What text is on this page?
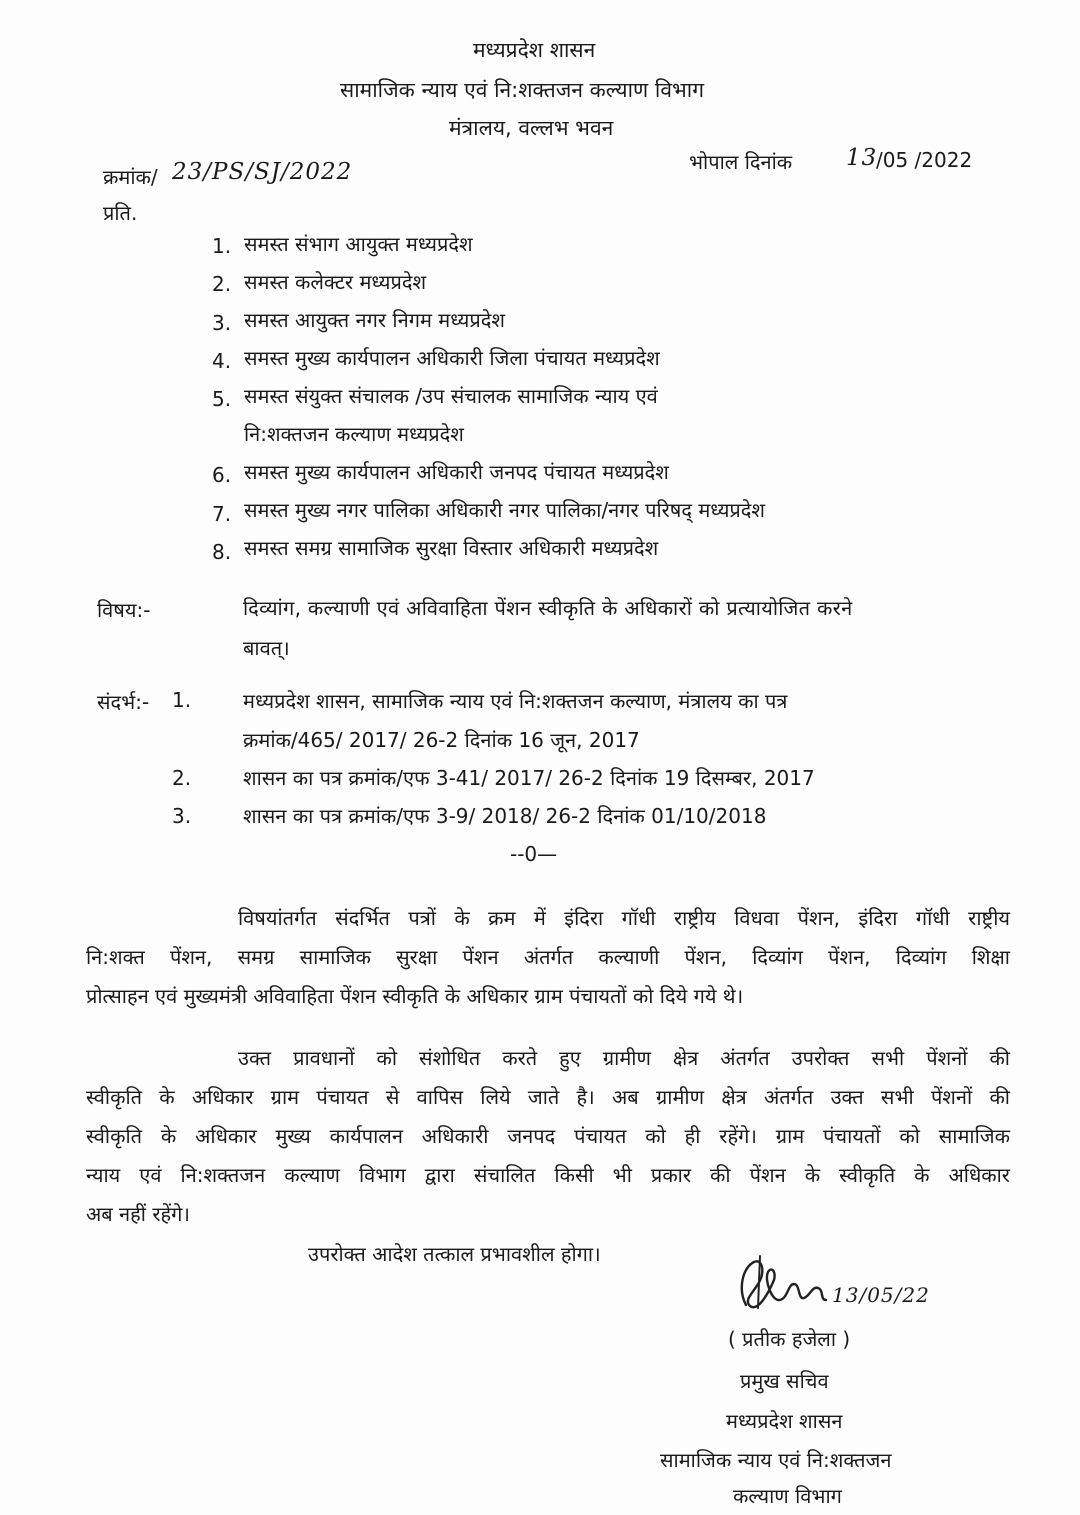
मध्यप्रदेश शासन
सामाजिक न्याय एवं नि:शक्तजन कल्याण विभाग
मंत्रालय, वल्लभ भवन
क्रमांक/ 23/PS/SJ/2022	भोपाल दिनांक 13
/05 /2022
प्रति.
1. समस्त संभाग आयुक्त मध्यप्रदेश
2. समस्त कलेक्टर मध्यप्रदेश
3. समस्त आयुक्त नगर निगम मध्यप्रदेश
4. समस्त मुख्य कार्यपालन अधिकारी जिला पंचायत मध्यप्रदेश
5. समस्त संयुक्त संचालक /उप संचालक सामाजिक न्याय एवं
नि:शक्तजन कल्याण मध्यप्रदेश
6. समस्त मुख्य कार्यपालन अधिकारी जनपद पंचायत मध्यप्रदेश
7. समस्त मुख्य नगर पालिका अधिकारी नगर पालिका/नगर परिषद् मध्यप्रदेश
8. समस्त समग्र सामाजिक सुरक्षा विस्तार अधिकारी मध्यप्रदेश
विषय:-	दिव्यांग, कल्याणी एवं अविवाहिता पेंशन स्वीकृति के अधिकारों को प्रत्यायोजित करने
बावत्।
संदर्भ:- 1.	मध्यप्रदेश शासन, सामाजिक न्याय एवं नि:शक्तजन कल्याण, मंत्रालय का पत्र
क्रमांक/465/ 2017/ 26-2 दिनांक 16 जून, 2017
2.	शासन का पत्र क्रमांक/एफ 3-41/ 2017/ 26-2 दिनांक 19 दिसम्बर, 2017
3.	शासन का पत्र क्रमांक/एफ 3-9/ 2018/ 26-2 दिनांक 01/10/2018
--0—
विषयांतर्गत संदर्भित पत्रों के क्रम में इंदिरा गॉधी राष्ट्रीय विधवा पेंशन, इंदिरा गॉधी राष्ट्रीय
नि:शक्त पेंशन, समग्र सामाजिक सुरक्षा पेंशन अंतर्गत कल्याणी पेंशन, दिव्यांग पेंशन, दिव्यांग शिक्षा
प्रोत्साहन एवं मुख्यमंत्री अविवाहिता पेंशन स्वीकृति के अधिकार ग्राम पंचायतों को दिये गये थे।
उक्त प्रावधानों को संशोधित करते हुए ग्रामीण क्षेत्र अंतर्गत उपरोक्त सभी पेंशनों की
स्वीकृति के अधिकार ग्राम पंचायत से वापिस लिये जाते है। अब ग्रामीण क्षेत्र अंतर्गत उक्त सभी पेंशनों की
स्वीकृति के अधिकार मुख्य कार्यपालन अधिकारी जनपद पंचायत को ही रहेंगे। ग्राम पंचायतों को सामाजिक
न्याय एवं नि:शक्तजन कल्याण विभाग द्वारा संचालित किसी भी प्रकार की पेंशन के स्वीकृति के अधिकार
अब नहीं रहेंगे।
उपरोक्त आदेश तत्काल प्रभावशील होगा।
13/05/22
( प्रतीक हजेला )
प्रमुख सचिव
मध्यप्रदेश शासन
सामाजिक न्याय एवं नि:शक्तजन
कल्याण विभाग
